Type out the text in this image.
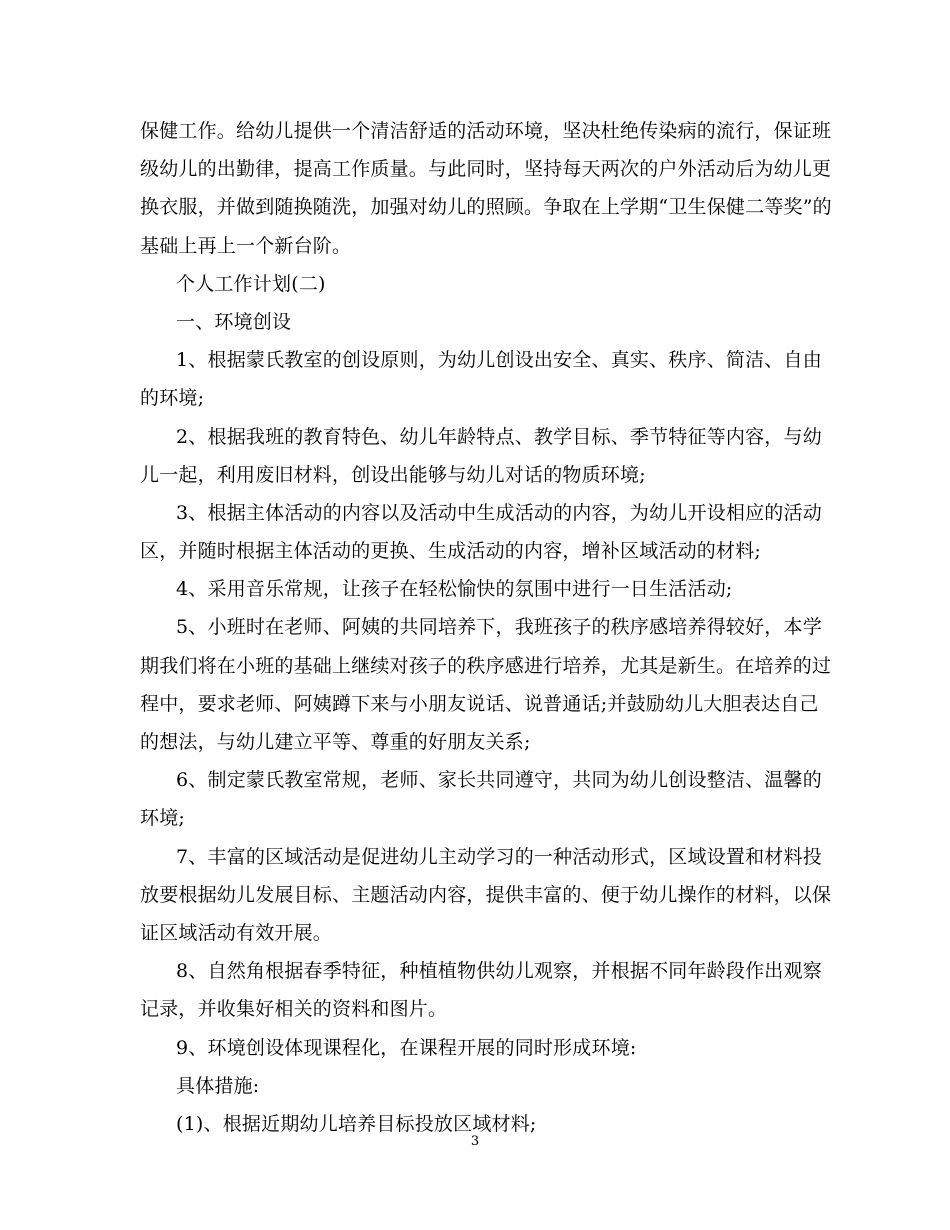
保健工作。给幼儿提供一个清洁舒适的活动环境，坚决杜绝传染病的流行，保证班
级幼儿的出勤律，提高工作质量。与此同时，坚持每天两次的户外活动后为幼儿更
换衣服，并做到随换随洗，加强对幼儿的照顾。争取在上学期“卫生保健二等奖”的
基础上再上一个新台阶。
个人工作计划(二)
一、环境创设
1、根据蒙氏教室的创设原则，为幼儿创设出安全、真实、秩序、简洁、自由
的环境;
2、根据我班的教育特色、幼儿年龄特点、教学目标、季节特征等内容，与幼
儿一起，利用废旧材料，创设出能够与幼儿对话的物质环境;
3、根据主体活动的内容以及活动中生成活动的内容，为幼儿开设相应的活动
区，并随时根据主体活动的更换、生成活动的内容，增补区域活动的材料;
4、采用音乐常规，让孩子在轻松愉快的氛围中进行一日生活活动;
5、小班时在老师、阿姨的共同培养下，我班孩子的秩序感培养得较好，本学
期我们将在小班的基础上继续对孩子的秩序感进行培养，尤其是新生。在培养的过
程中，要求老师、阿姨蹲下来与小朋友说话、说普通话;并鼓励幼儿大胆表达自己
的想法，与幼儿建立平等、尊重的好朋友关系;
6、制定蒙氏教室常规，老师、家长共同遵守，共同为幼儿创设整洁、温馨的
环境;
7、丰富的区域活动是促进幼儿主动学习的一种活动形式，区域设置和材料投
放要根据幼儿发展目标、主题活动内容，提供丰富的、便于幼儿操作的材料，以保
证区域活动有效开展。
8、自然角根据春季特征，种植植物供幼儿观察，并根据不同年龄段作出观察
记录，并收集好相关的资料和图片。
9、环境创设体现课程化，在课程开展的同时形成环境:
具体措施:
(1)、根据近期幼儿培养目标投放区域材料;
3
